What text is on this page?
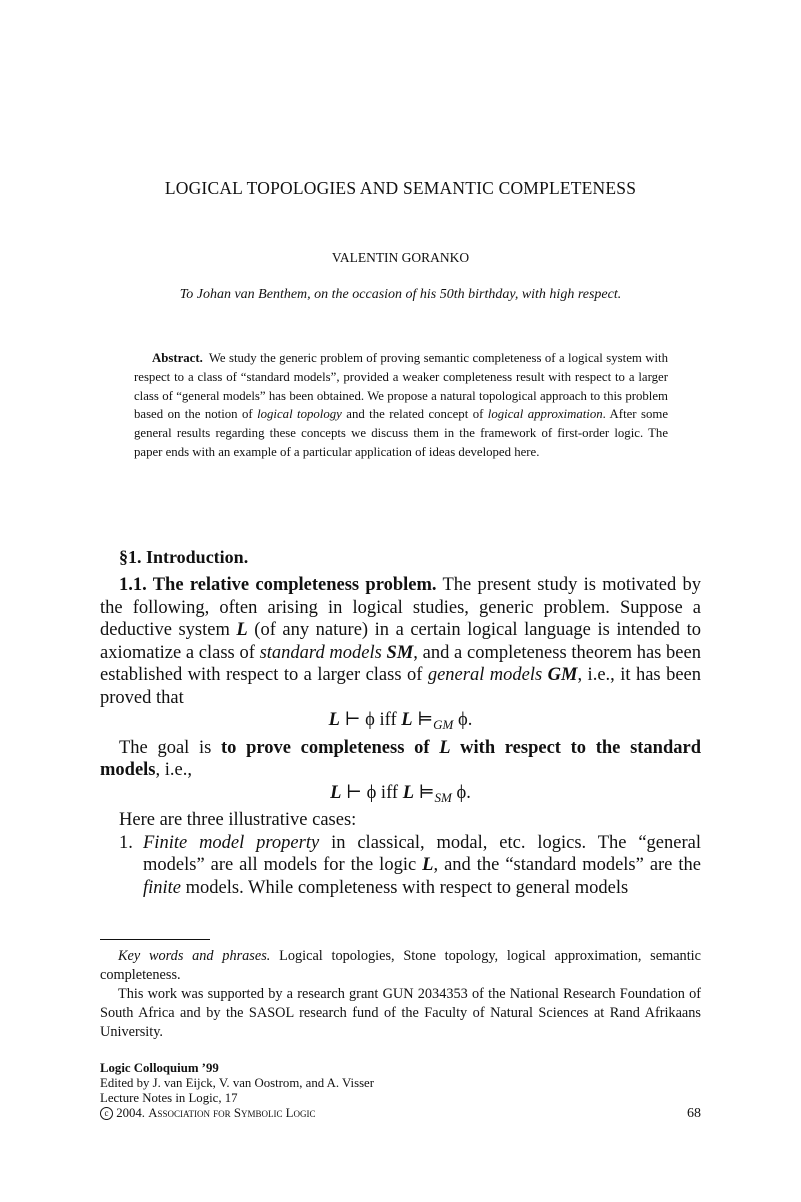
LOGICAL TOPOLOGIES AND SEMANTIC COMPLETENESS
VALENTIN GORANKO
To Johan van Benthem, on the occasion of his 50th birthday, with high respect.
Abstract. We study the generic problem of proving semantic completeness of a logical system with respect to a class of “standard models”, provided a weaker completeness result with respect to a larger class of “general models” has been obtained. We propose a natural topological approach to this problem based on the notion of logical topology and the related concept of logical approximation. After some general results regarding these concepts we discuss them in the framework of first-order logic. The paper ends with an example of a particular application of ideas developed here.
§1. Introduction.

1.1. The relative completeness problem. The present study is motivated by the following, often arising in logical studies, generic problem. Suppose a deductive system L (of any nature) in a certain logical language is intended to axiomatize a class of standard models SM, and a completeness theorem has been established with respect to a larger class of general models GM, i.e., it has been proved that

L ⊢ ϕ iff L $⊨_{GM}$ ϕ.

The goal is to prove completeness of L with respect to the standard models, i.e.,

L ⊢ ϕ iff L $⊨_{SM}$ ϕ.

Here are three illustrative cases:

1. Finite model property in classical, modal, etc. logics. The “general models” are all models for the logic L, and the “standard models” are the finite models. While completeness with respect to general models

Key words and phrases. Logical topologies, Stone topology, logical approximation, semantic completeness.

This work was supported by a research grant GUN 2034353 of the National Research Foundation of South Africa and by the SASOL research fund of the Faculty of Natural Sciences at Rand Afrikaans University.

Logic Colloquium ’99
Edited by J. van Eijck, V. van Oostrom, and A. Visser
Lecture Notes in Logic, 17
c 2004. Association for Symbolic Logic	68
